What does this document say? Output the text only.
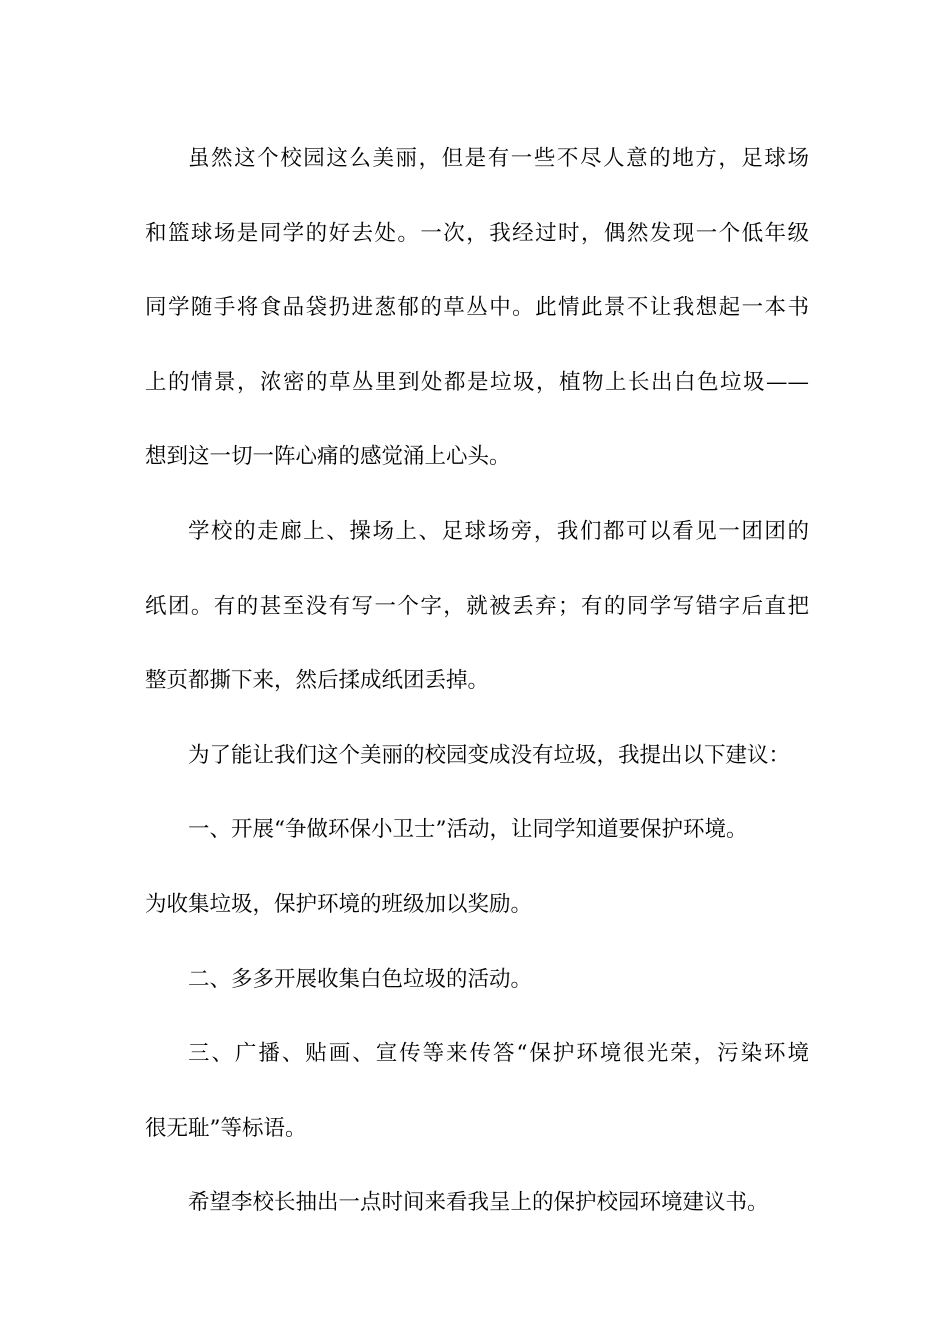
虽然这个校园这么美丽，但是有一些不尽人意的地方，足球场
和篮球场是同学的好去处。一次，我经过时，偶然发现一个低年级
同学随手将食品袋扔进葱郁的草丛中。此情此景不让我想起一本书
上的情景，浓密的草丛里到处都是垃圾，植物上长出白色垃圾——
想到这一切一阵心痛的感觉涌上心头。
学校的走廊上、操场上、足球场旁，我们都可以看见一团团的
纸团。有的甚至没有写一个字，就被丢弃；有的同学写错字后直把
整页都撕下来，然后揉成纸团丢掉。
为了能让我们这个美丽的校园变成没有垃圾，我提出以下建议：
一、开展“争做环保小卫士”活动，让同学知道要保护环境。
为收集垃圾，保护环境的班级加以奖励。
二、多多开展收集白色垃圾的活动。
三、广播、贴画、宣传等来传答“保护环境很光荣，污染环境
很无耻”等标语。
希望李校长抽出一点时间来看我呈上的保护校园环境建议书。
